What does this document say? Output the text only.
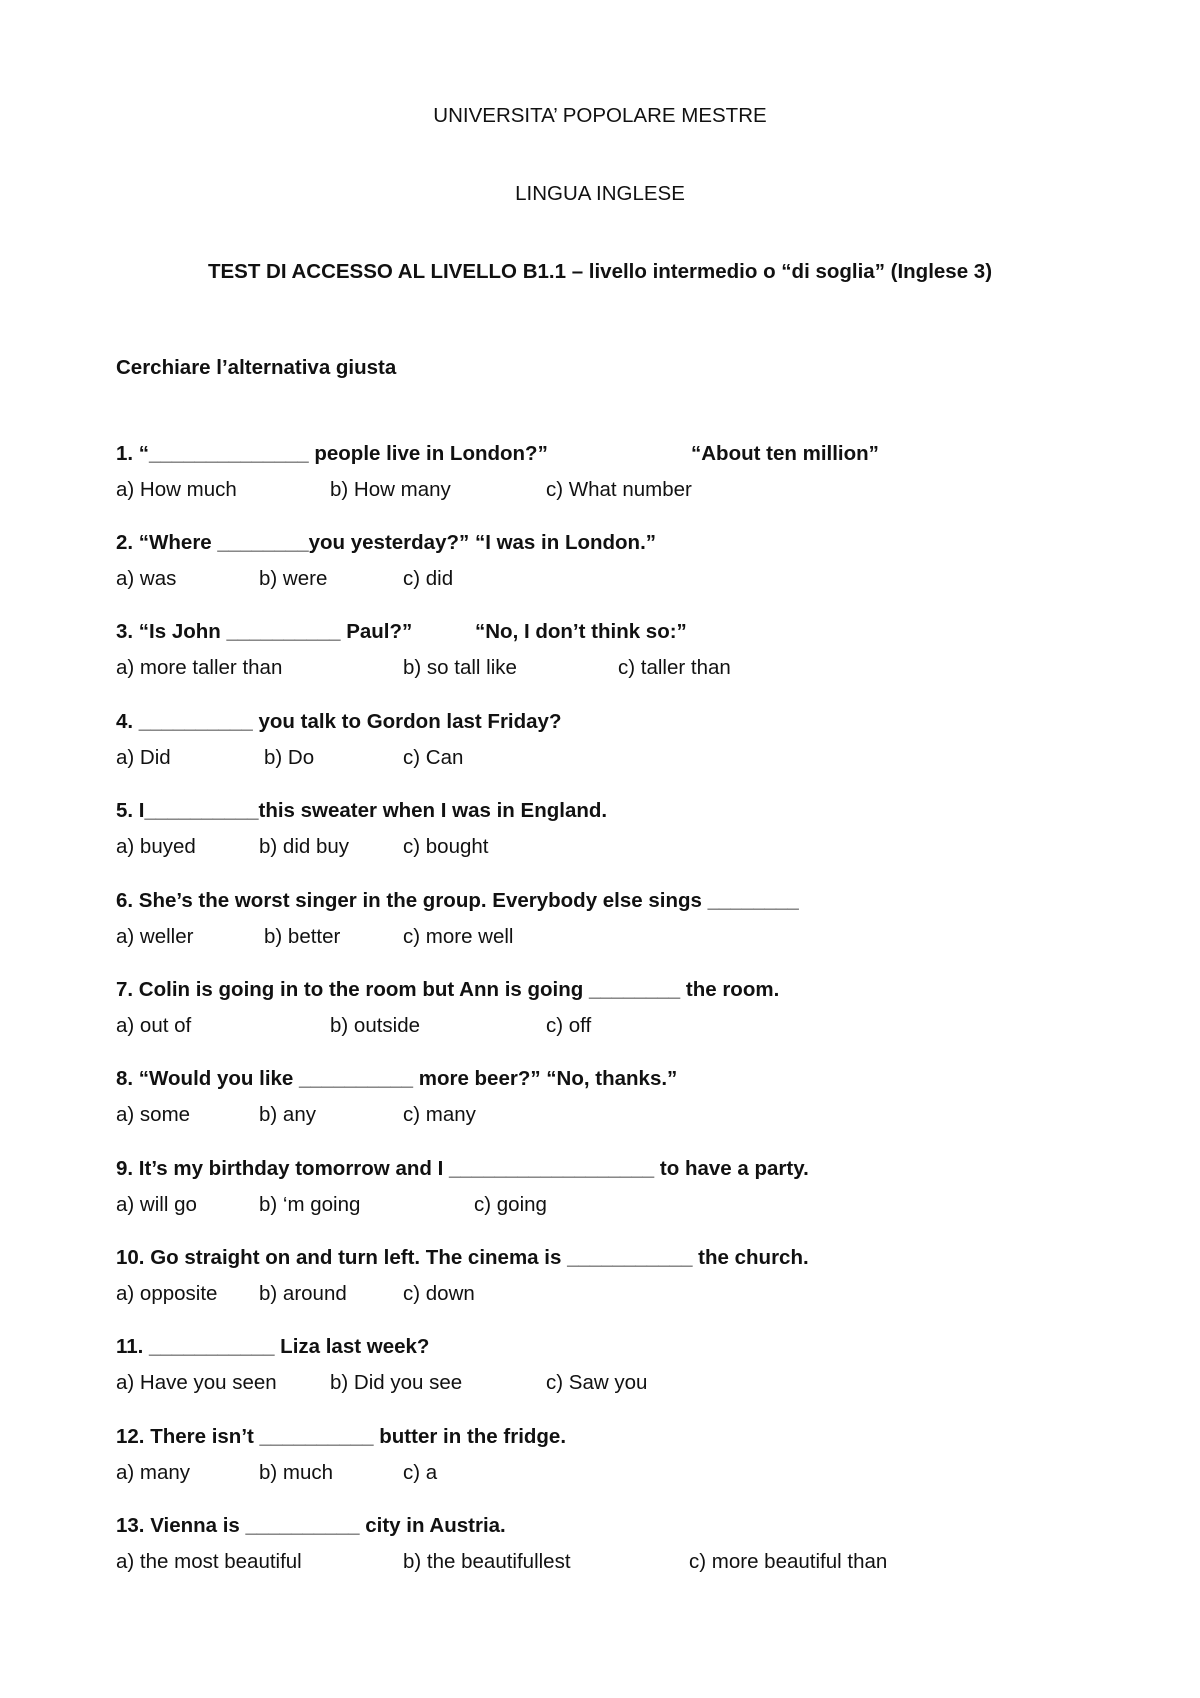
UNIVERSITA’ POPOLARE MESTRE
LINGUA INGLESE
TEST DI ACCESSO AL LIVELLO B1.1 – livello intermedio o “di soglia” (Inglese 3)
Cerchiare l’alternativa giusta
1. “______________ people live in London?”	“About ten million”
a) How much	b) How many	c) What number
2. “Where ________you yesterday?” “I was in London.”
a) was	b) were	c) did
3. “Is John __________ Paul?”	“No, I don’t think so:”
a) more taller than	b) so tall like	c) taller than
4. __________ you talk to Gordon last Friday?
a) Did	b) Do	c) Can
5. I__________this sweater when I was in England.
a) buyed	b) did buy	c) bought
6. She’s the worst singer in the group. Everybody else sings ________
a) weller	b) better	c) more well
7. Colin is going in to the room but Ann is going ________ the room.
a) out of	b) outside	c) off
8. “Would you like __________ more beer?” “No, thanks.”
a) some	b) any	c) many
9. It’s my birthday tomorrow and I __________________ to have a party.
a) will go	b) ‘m going	c) going
10. Go straight on and turn left. The cinema is ___________ the church.
a) opposite b) around	c) down
11. ___________ Liza last week?
a) Have you seen	b) Did you see	c) Saw you
12. There isn’t __________ butter in the fridge.
a) many	b) much	c) a
13. Vienna is __________ city in Austria.
a) the most beautiful	b) the beautifullest	c) more beautiful than
